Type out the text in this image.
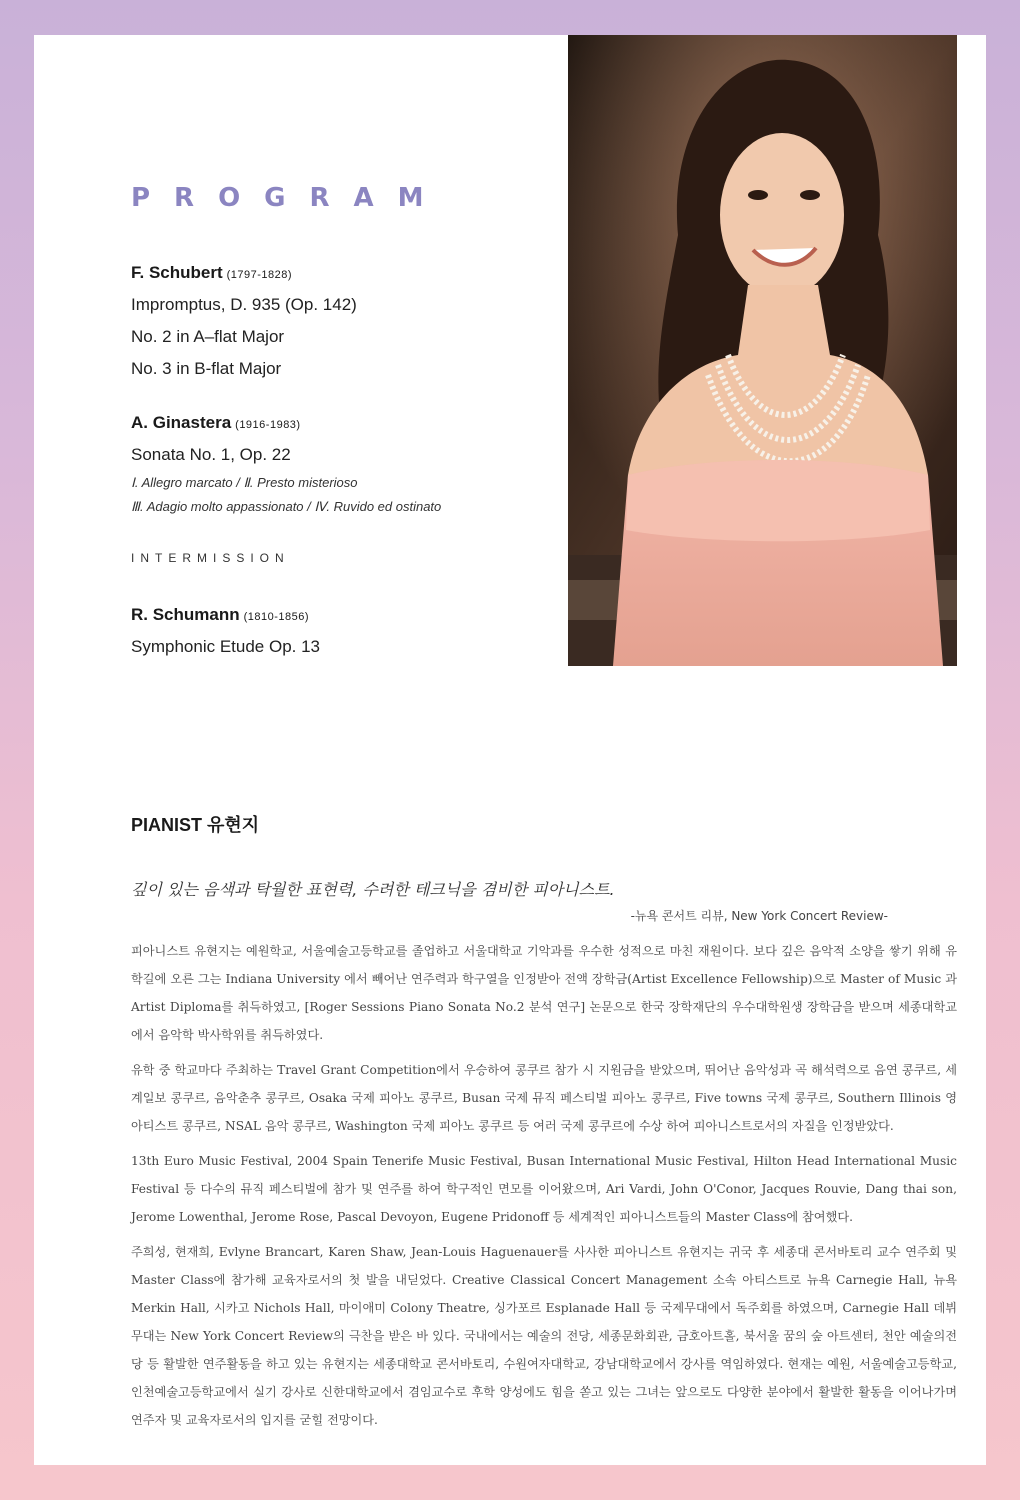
PROGRAM

F. Schubert (1797-1828)

Impromptus, D. 935 (Op. 142)

No. 2 in A–flat Major

No. 3 in B-flat Major

A. Ginastera (1916-1983)

Sonata No. 1, Op. 22

Ⅰ. Allegro marcato / Ⅱ. Presto misterioso

Ⅲ. Adagio molto appassionato / Ⅳ. Ruvido ed ostinato

INTERMISSION

R. Schumann (1810-1856)

Symphonic Etude Op. 13

PIANIST 유현지

깊이 있는 음색과 탁월한 표현력, 수려한 테크닉을 겸비한 피아니스트.

-뉴욕 콘서트 리뷰, New York Concert Review-

피아니스트 유현지는 예원학교, 서울예술고등학교를 졸업하고 서울대학교 기악과를 우수한 성적으로 마친 재원이다. 보다 깊은 음악적 소양을 쌓기 위해 유학길에 오른 그는 Indiana University 에서 빼어난 연주력과 학구열을 인정받아 전액 장학금(Artist Excellence Fellowship)으로 Master of Music 과 Artist Diploma를 취득하였고, [Roger Sessions Piano Sonata No.2 분석 연구] 논문으로 한국 장학재단의 우수대학원생 장학금을 받으며 세종대학교에서 음악학 박사학위를 취득하였다.

유학 중 학교마다 주최하는 Travel Grant Competition에서 우승하여 콩쿠르 참가 시 지원금을 받았으며, 뛰어난 음악성과 곡 해석력으로 음연 콩쿠르, 세계일보 콩쿠르, 음악춘추 콩쿠르, Osaka 국제 피아노 콩쿠르, Busan 국제 뮤직 페스티벌 피아노 콩쿠르, Five towns 국제 콩쿠르, Southern Illinois 영 아티스트 콩쿠르, NSAL 음악 콩쿠르, Washington 국제 피아노 콩쿠르 등 여러 국제 콩쿠르에 수상 하여 피아니스트로서의 자질을 인정받았다.

13th Euro Music Festival, 2004 Spain Tenerife Music Festival, Busan International Music Festival, Hilton Head International Music Festival 등 다수의 뮤직 페스티벌에 참가 및 연주를 하여 학구적인 면모를 이어왔으며, Ari Vardi, John O'Conor, Jacques Rouvie, Dang thai son, Jerome Lowenthal, Jerome Rose, Pascal Devoyon, Eugene Pridonoff 등 세계적인 피아니스트들의 Master Class에 참여했다.

주희성, 현재희, Evlyne Brancart, Karen Shaw, Jean-Louis Haguenauer를 사사한 피아니스트 유현지는 귀국 후 세종대 콘서바토리 교수 연주회 및 Master Class에 참가해 교육자로서의 첫 발을 내딛었다. Creative Classical Concert Management 소속 아티스트로 뉴욕 Carnegie Hall, 뉴욕 Merkin Hall, 시카고 Nichols Hall, 마이애미 Colony Theatre, 싱가포르 Esplanade Hall 등 국제무대에서 독주회를 하였으며, Carnegie Hall 데뷔 무대는 New York Concert Review의 극찬을 받은 바 있다. 국내에서는 예술의 전당, 세종문화회관, 금호아트홀, 북서울 꿈의 숲 아트센터, 천안 예술의전당 등 활발한 연주활동을 하고 있는 유현지는 세종대학교 콘서바토리, 수원여자대학교, 강남대학교에서 강사를 역임하였다. 현재는 예원, 서울예술고등학교, 인천예술고등학교에서 실기 강사로 신한대학교에서 겸임교수로 후학 양성에도 힘을 쏟고 있는 그녀는 앞으로도 다양한 분야에서 활발한 활동을 이어나가며 연주자 및 교육자로서의 입지를 굳힐 전망이다.
